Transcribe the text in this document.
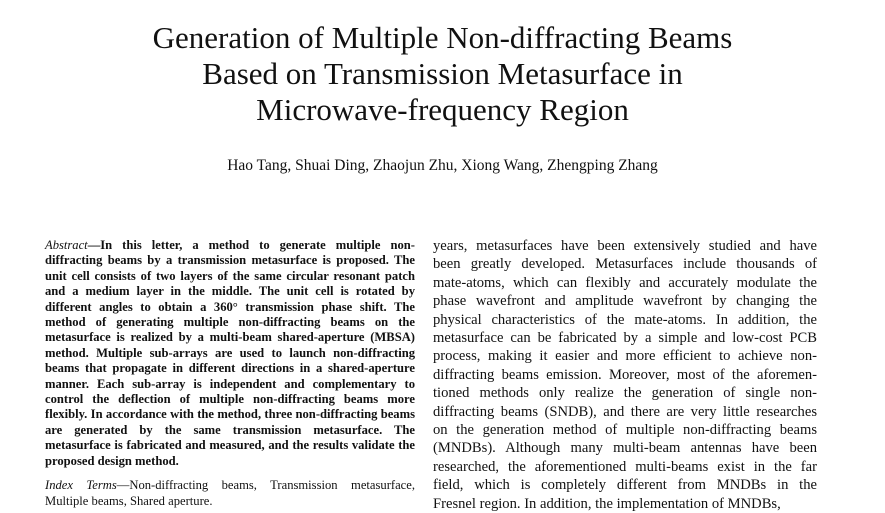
Generation of Multiple Non-diffracting Beams
Based on Transmission Metasurface in
Microwave-frequency Region
Hao Tang, Shuai Ding, Zhaojun Zhu, Xiong Wang, Zhengping Zhang

Abstract—In this letter, a method to generate multiple non-diffracting beams by a transmission metasurface is proposed. The unit cell consists of two layers of the same circular resonant patch and a medium layer in the middle. The unit cell is rotated by different angles to obtain a 360° transmission phase shift. The method of generating multiple non-diffracting beams on the metasurface is realized by a multi-beam shared-aperture (MBSA) method. Multiple sub-arrays are used to launch non-diffracting beams that propagate in different directions in a shared-aperture manner. Each sub-array is independent and complementary to control the deflection of multiple non-diffracting beams more flexibly. In accordance with the method, three non-diffracting beams are generated by the same transmission metasurface. The metasurface is fabricated and measured, and the results validate the proposed design method.

Index Terms—Non-diffracting beams, Transmission metasurface, Multiple beams, Shared aperture.

years, metasurfaces have been extensively studied and have
been greatly developed. Metasurfaces include thousands of
mate-atoms, which can flexibly and accurately modulate the
phase wavefront and amplitude wavefront by changing the
physical characteristics of the mate-atoms. In addition, the
metasurface can be fabricated by a simple and low-cost PCB
process, making it easier and more efficient to achieve non-
diffracting beams emission. Moreover, most of the aforemen-
tioned methods only realize the generation of single non-
diffracting beams (SNDB), and there are very little researches
on the generation method of multiple non-diffracting beams
(MNDBs). Although many multi-beam antennas have been
researched, the aforementioned multi-beams exist in the far
field, which is completely different from MNDBs in the
Fresnel region. In addition, the implementation of MNDBs,
